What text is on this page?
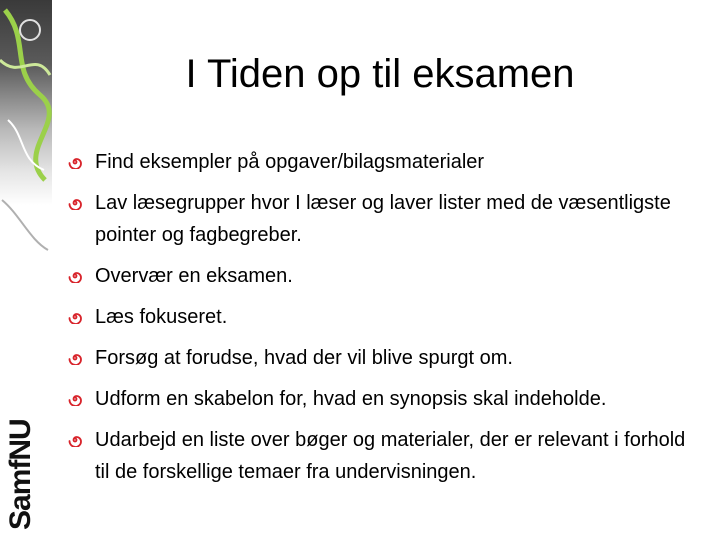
SamfNU
I Tiden op til eksamen
Find eksempler på opgaver/bilagsmaterialer
Lav læsegrupper hvor I læser og laver lister med de væsentligste pointer og fagbegreber.
Overvær en eksamen.
Læs fokuseret.
Forsøg at forudse, hvad der vil blive spurgt om.
Udform en skabelon for, hvad en synopsis skal indeholde.
Udarbejd en liste over bøger og materialer, der er relevant i forhold til de forskellige temaer fra undervisningen.
